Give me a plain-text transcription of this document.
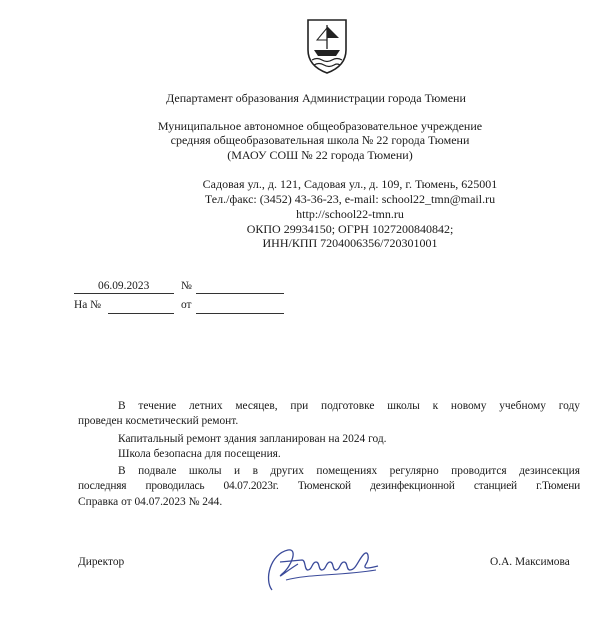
Департамент образования Администрации города Тюмени
Муниципальное автономное общеобразовательное учреждение
средняя общеобразовательная школа № 22 города Тюмени
(МАОУ СОШ № 22 города Тюмени)
Садовая ул., д. 121, Садовая ул., д. 109, г. Тюмень, 625001
Тел./факс: (3452) 43-36-23, e-mail: school22_tmn@mail.ru
http://school22-tmn.ru
ОКПО 29934150; ОГРН 1027200840842;
ИНН/КПП 7204006356/720301001
06.09.2023	№
На №	от
В течение летних месяцев, при подготовке школы к новому учебному году
проведен косметический ремонт.
Капитальный ремонт здания запланирован на 2024 год.
Школа безопасна для посещения.
В подвале школы и в других помещениях регулярно проводится дезинсекция
последняя проводилась 04.07.2023г. Тюменской дезинфекционной станцией г.Тюмени
Справка от 04.07.2023 № 244.
Директор	О.А. Максимова
